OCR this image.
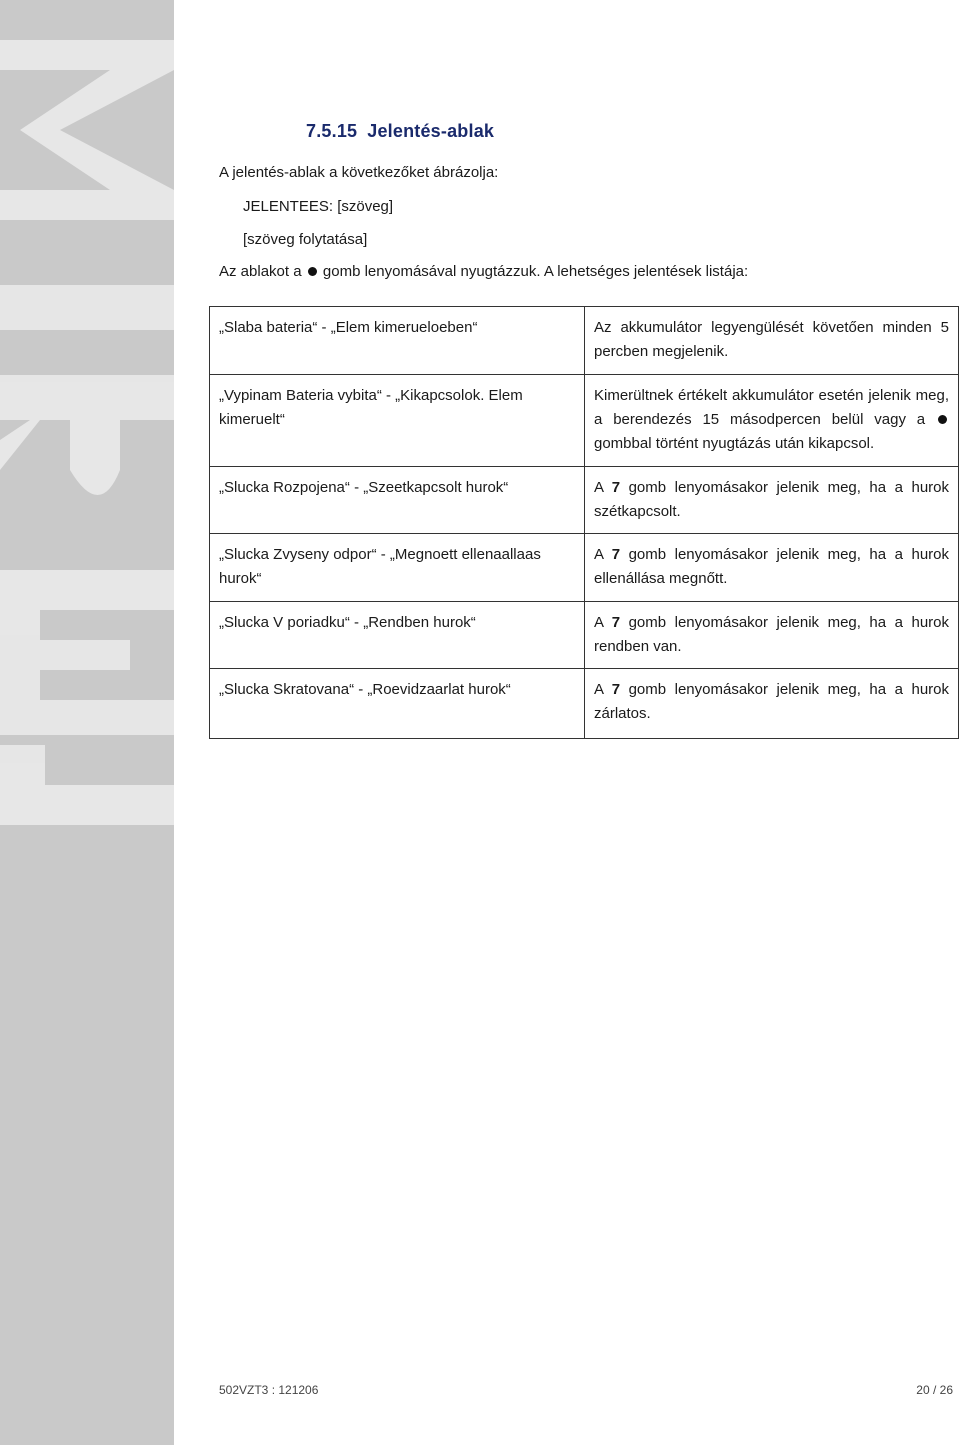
7.5.15 Jelentés-ablak

A jelentés-ablak a következőket ábrázolja:

JELENTEES: [szöveg]

[szöveg folytatása]

Az ablakot a gomb lenyomásával nyugtázzuk. A lehetséges jelentések listája:

„Slaba bateria“ - „Elem kimerueloeben“	Az akkumulátor legyengülését követően minden 5 percben megjelenik.
„Vypinam Bateria vybita“ - „Kikapcsolok. Elem kimeruelt“	Kimerültnek értékelt akkumulátor esetén jelenik meg, a berendezés 15 másodpercen belül vagy a  gombbal történt nyugtázás után kikapcsol.
„Slucka Rozpojena“ - „Szeetkapcsolt hurok“	A 7 gomb lenyomásakor jelenik meg, ha a hurok szétkapcsolt.
„Slucka Zvyseny odpor“ - „Megnoett ellenaallaas hurok“	A 7 gomb lenyomásakor jelenik meg, ha a hurok ellenállása megnőtt.
„Slucka V poriadku“ - „Rendben hurok“	A 7 gomb lenyomásakor jelenik meg, ha a hurok rendben van.
„Slucka Skratovana“ - „Roevidzaarlat hurok“	A 7 gomb lenyomásakor jelenik meg, ha a hurok zárlatos.

502VZT3 : 121206	20 / 26
